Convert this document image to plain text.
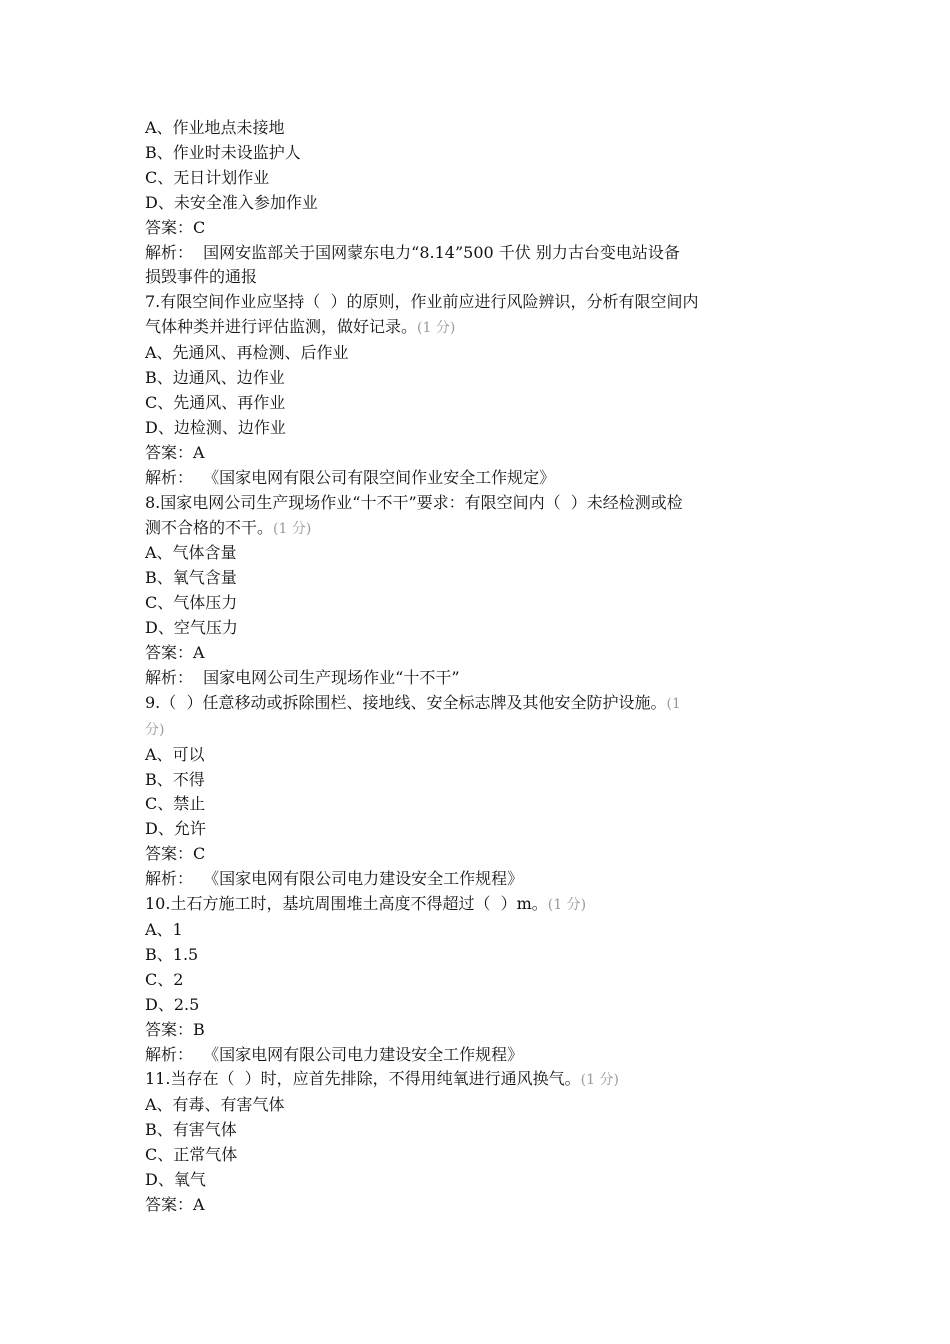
A、作业地点未接地

B、作业时未设监护人

C、无日计划作业

D、未安全准入参加作业

答案：C

解析：  国网安监部关于国网蒙东电力“8.14”500 千伏 别力古台变电站设备

损毁事件的通报

7.有限空间作业应坚持（  ）的原则，作业前应进行风险辨识，分析有限空间内

气体种类并进行评估监测，做好记录。(1 分)

A、先通风、再检测、后作业

B、边通风、边作业

C、先通风、再作业

D、边检测、边作业

答案：A

解析：  《国家电网有限公司有限空间作业安全工作规定》

8.国家电网公司生产现场作业“十不干”要求：有限空间内（  ）未经检测或检

测不合格的不干。(1 分)

A、气体含量

B、氧气含量

C、气体压力

D、空气压力

答案：A

解析：  国家电网公司生产现场作业“十不干”

9.（  ）任意移动或拆除围栏、接地线、安全标志牌及其他安全防护设施。(1

分)

A、可以

B、不得

C、禁止

D、允许

答案：C

解析：  《国家电网有限公司电力建设安全工作规程》

10.土石方施工时，基坑周围堆土高度不得超过（  ）m。(1 分)

A、1

B、1.5

C、2

D、2.5

答案：B

解析：  《国家电网有限公司电力建设安全工作规程》

11.当存在（  ）时，应首先排除，不得用纯氧进行通风换气。(1 分)

A、有毒、有害气体

B、有害气体

C、正常气体

D、氧气

答案：A
